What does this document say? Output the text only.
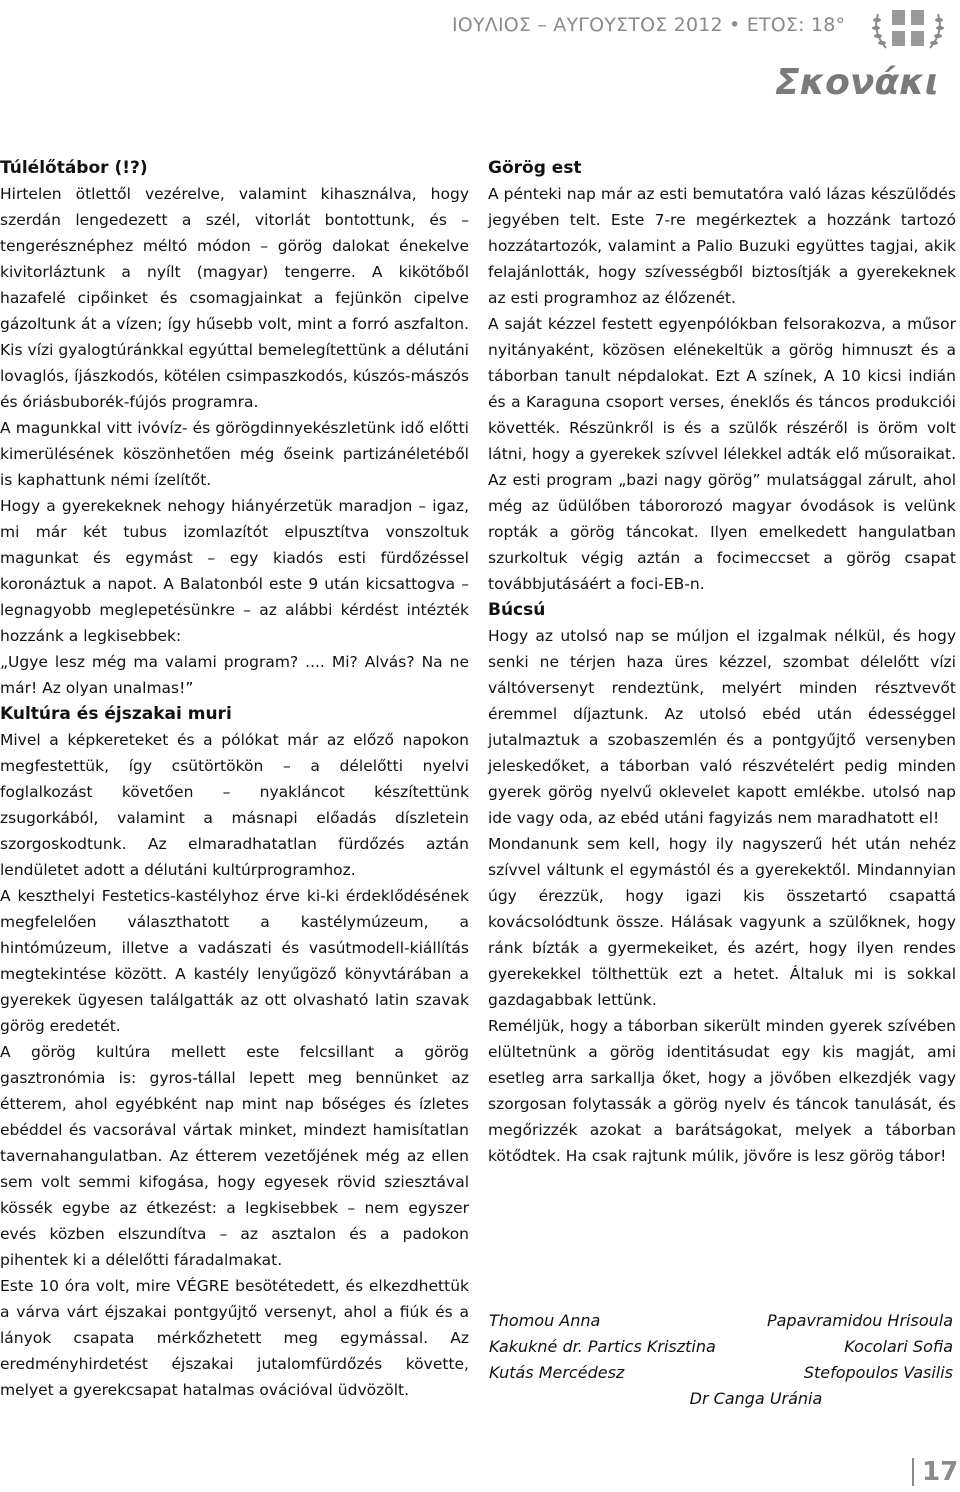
ΙΟΥΛΙΟΣ – ΑΥΓΟΥΣΤΟΣ 2012 • ΕΤΟΣ: 18°
Σκονάκι
Túlélőtábor (!?)

Hirtelen ötlettől vezérelve, valamint kihasználva, hogy szerdán lengedezett a szél, vitorlát bontottunk, és – tengerésznéphez méltó módon – görög dalokat énekelve kivitorláztunk a nyílt (magyar) tengerre. A kikötőből hazafelé cipőinket és csomagjainkat a fejünkön cipelve gázoltunk át a vízen; így hűsebb volt, mint a forró aszfalton. Kis vízi gyalogtúránkkal egyúttal bemelegítettünk a délutáni lovaglós, íjászkodós, kötélen csimpaszkodós, kúszós-mászós és óriásbuborék-fújós programra.

A magunkkal vitt ivóvíz- és görögdinnyekészletünk idő előtti kimerülésének köszönhetően még őseink partizánéletéből is kaphattunk némi ízelítőt.

Hogy a gyerekeknek nehogy hiányérzetük maradjon – igaz, mi már két tubus izomlazítót elpusztítva vonszoltuk magunkat és egymást – egy kiadós esti fürdőzéssel koronáztuk a napot. A Balatonból este 9 után kicsattogva – legnagyobb meglepetésünkre – az alábbi kérdést intézték hozzánk a legkisebbek:

„Ugye lesz még ma valami program? .... Mi? Alvás? Na ne már! Az olyan unalmas!”

Kultúra és éjszakai muri

Mivel a képkereteket és a pólókat már az előző napokon megfestettük, így csütörtökön – a délelőtti nyelvi foglalkozást követően – nyakláncot készítettünk zsugorkából, valamint a másnapi előadás díszletein szorgoskodtunk. Az elmaradhatatlan fürdőzés aztán lendületet adott a délutáni kultúrprogramhoz.

A keszthelyi Festetics-kastélyhoz érve ki-ki érdeklődésének megfelelően választhatott a kastélymúzeum, a hintómúzeum, illetve a vadászati és vasútmodell-kiállítás megtekintése között. A kastély lenyűgöző könyvtárában a gyerekek ügyesen találgatták az ott olvasható latin szavak görög eredetét.

A görög kultúra mellett este felcsillant a görög gasztronómia is: gyros-tállal lepett meg bennünket az étterem, ahol egyébként nap mint nap bőséges és ízletes ebéddel és vacsorával vártak minket, mindezt hamisítatlan tavernahangulatban. Az étterem vezetőjének még az ellen sem volt semmi kifogása, hogy egyesek rövid sziesztával kössék egybe az étkezést: a legkisebbek – nem egyszer evés közben elszundítva – az asztalon és a padokon pihentek ki a délelőtti fáradalmakat.

Este 10 óra volt, mire VÉGRE besötétedett, és elkezdhettük a várva várt éjszakai pontgyűjtő versenyt, ahol a fiúk és a lányok csapata mérkőzhetett meg egymással. Az eredményhirdetést éjszakai jutalomfürdőzés követte, melyet a gyerekcsapat hatalmas ovációval üdvözölt.

Görög est

A pénteki nap már az esti bemutatóra való lázas készülődés jegyében telt. Este 7-re megérkeztek a hozzánk tartozó hozzátartozók, valamint a Palio Buzuki együttes tagjai, akik felajánlották, hogy szívességből biztosítják a gyerekeknek az esti programhoz az élőzenét.

A saját kézzel festett egyenpólókban felsorakozva, a műsor nyitányaként, közösen elénekeltük a görög himnuszt és a táborban tanult népdalokat. Ezt A színek, A 10 kicsi indián és a Karaguna csoport verses, éneklős és táncos produkciói követték. Részünkről is és a szülők részéről is öröm volt látni, hogy a gyerekek szívvel lélekkel adták elő műsoraikat. Az esti program „bazi nagy görög” mulatsággal zárult, ahol még az üdülőben tábororozó magyar óvodások is velünk ropták a görög táncokat. Ilyen emelkedett hangulatban szurkoltuk végig aztán a focimeccset a görög csapat továbbjutásáért a foci-EB-n.

Búcsú

Hogy az utolsó nap se múljon el izgalmak nélkül, és hogy senki ne térjen haza üres kézzel, szombat délelőtt vízi váltóversenyt rendeztünk, melyért minden résztvevőt éremmel díjaztunk. Az utolsó ebéd után édességgel jutalmaztuk a szobaszemlén és a pontgyűjtő versenyben jeleskedőket, a táborban való részvételért pedig minden gyerek görög nyelvű oklevelet kapott emlékbe. utolsó nap ide vagy oda, az ebéd utáni fagyizás nem maradhatott el!

Mondanunk sem kell, hogy ily nagyszerű hét után nehéz szívvel váltunk el egymástól és a gyerekektől. Mindannyian úgy érezzük, hogy igazi kis összetartó csapattá kovácsolódtunk össze. Hálásak vagyunk a szülőknek, hogy ránk bízták a gyermekeiket, és azért, hogy ilyen rendes gyerekekkel tölthettük ezt a hetet. Általuk mi is sokkal gazdagabbak lettünk.

Reméljük, hogy a táborban sikerült minden gyerek szívében elültetnünk a görög identitásudat egy kis magját, ami esetleg arra sarkallja őket, hogy a jövőben elkezdjék vagy szorgosan folytassák a görög nyelv és táncok tanulását, és megőrizzék azokat a barátságokat, melyek a táborban kötődtek. Ha csak rajtunk múlik, jövőre is lesz görög tábor!

Thomou Anna	Papavramidou Hrisoula
Kakukné dr. Partics Krisztina	Kocolari Sofia
Kutás Mercédesz	Stefopoulos Vasilis
Dr Canga Uránia
17
